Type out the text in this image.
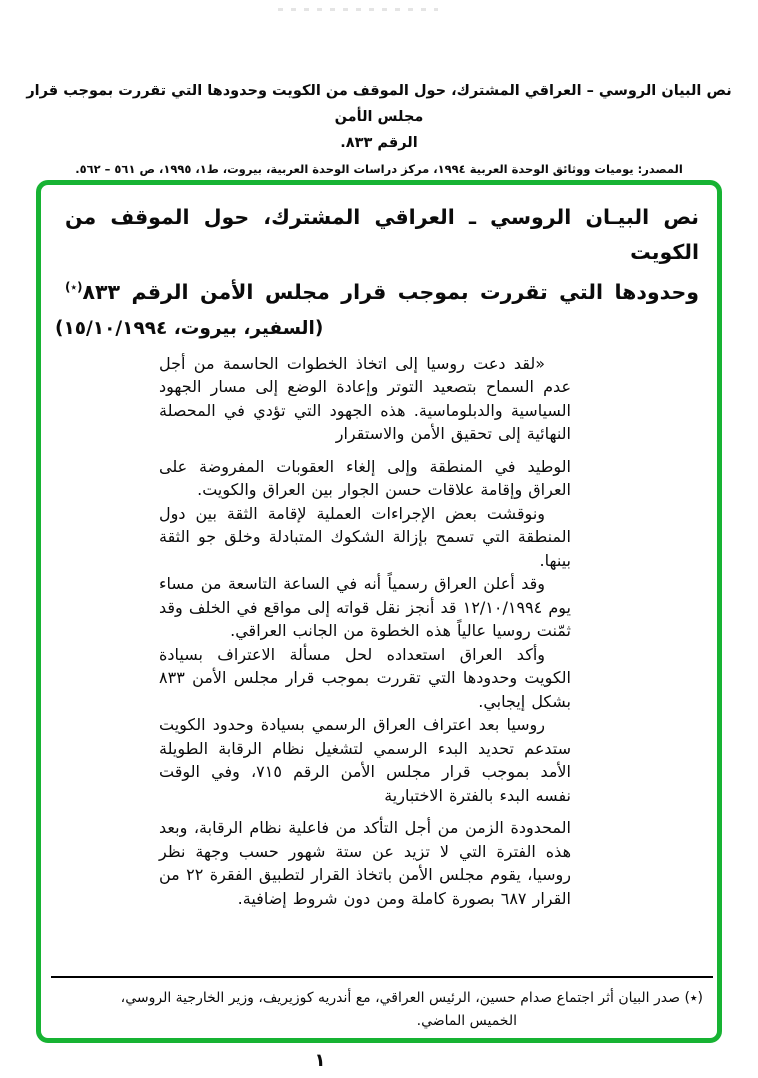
نص البيان الروسي – العراقي المشترك، حول الموقف من الكويت وحدودها التي تقررت بموجب قرار مجلس الأمن
الرقم ٨٣٣.
المصدر: يوميات ووثائق الوحدة العربية ١٩٩٤، مركز دراسات الوحدة العربية، بيروت، ط١، ١٩٩٥، ص ٥٦١ – ٥٦٢.
نص البيـان الروسي ـ العراقي المشترك، حول الموقف من الكويت
وحدودها التي تقررت بموجب قرار مجلس الأمن الرقم ٨٣٣(٭)
(السفير، بيروت، ١٥/١٠/١٩٩٤)

«لقد دعت روسيا إلى اتخاذ الخطوات الحاسمة من أجل عدم السماح بتصعيد التوتر وإعادة الوضع إلى مسار الجهود السياسية والدبلوماسية. هذه الجهود التي تؤدي في المحصلة النهائية إلى تحقيق الأمن والاستقرار

الوطيد في المنطقة وإلى إلغاء العقوبات المفروضة على العراق وإقامة علاقات حسن الجوار بين العراق والكويت.

ونوقشت بعض الإجراءات العملية لإقامة الثقة بين دول المنطقة التي تسمح بإزالة الشكوك المتبادلة وخلق جو الثقة بينها.

وقد أعلن العراق رسمياً أنه في الساعة التاسعة من مساء يوم ١٢/١٠/١٩٩٤ قد أنجز نقل قواته إلى مواقع في الخلف وقد ثمّنت روسيا عالياً هذه الخطوة من الجانب العراقي.

وأكد العراق استعداده لحل مسألة الاعتراف بسيادة الكويت وحدودها التي تقررت بموجب قرار مجلس الأمن ٨٣٣ بشكل إيجابي.

روسيا بعد اعتراف العراق الرسمي بسيادة وحدود الكويت ستدعم تحديد البدء الرسمي لتشغيل نظام الرقابة الطويلة الأمد بموجب قرار مجلس الأمن الرقم ٧١٥، وفي الوقت نفسه البدء بالفترة الاختبارية

المحدودة الزمن من أجل التأكد من فاعلية نظام الرقابة، وبعد هذه الفترة التي لا تزيد عن ستة شهور حسب وجهة نظر روسيا، يقوم مجلس الأمن باتخاذ القرار لتطبيق الفقرة ٢٢ من القرار ٦٨٧ بصورة كاملة ومن دون شروط إضافية.

(٭) صدر البيان أثر اجتماع صدام حسين، الرئيس العراقي، مع أندريه كوزيريف، وزير الخارجية الروسي،
الخميس الماضي.
١
